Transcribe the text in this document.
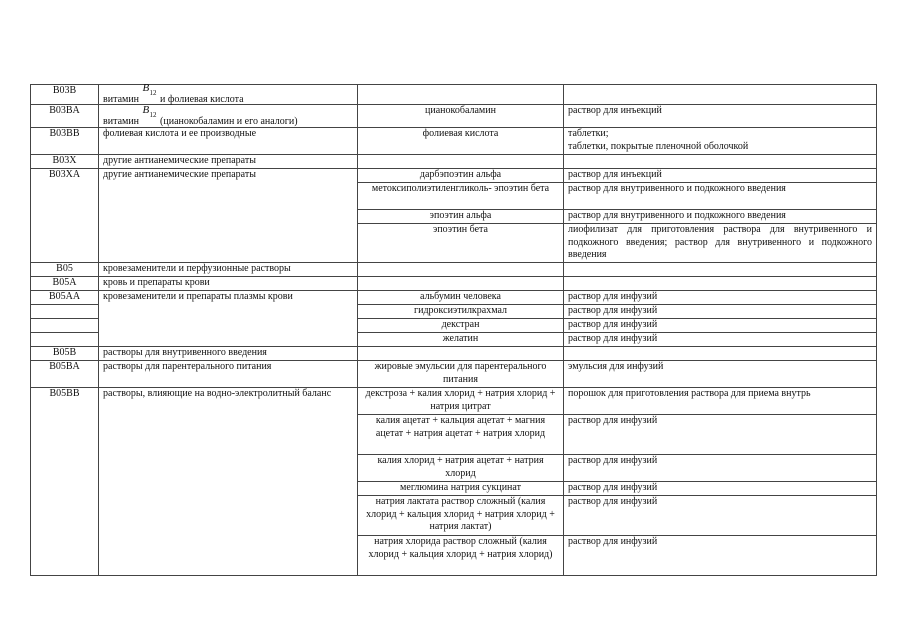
B03B	витамин
B 12
и фолиевая кислота		
B03BA	витамин
B 12
(цианокобаламин и его аналоги)	цианокобаламин	раствор для инъекций
B03BB	фолиевая кислота и ее производные	фолиевая кислота	таблетки;
таблетки, покрытые пленочной оболочкой

B03X	другие антианемические препараты		
B03XA	другие антианемические препараты	дарбэпоэтин альфа	раствор для инъекций
		метоксиполиэтиленгликоль- эпоэтин бета	раствор для внутривенного и подкожного введения
		эпоэтин альфа	раствор для внутривенного и подкожного введения
		эпоэтин бета	лиофилизат для приготовления раствора для внутривенного и подкожного введения; раствор для внутривенного и подкожного введения
B05	кровезаменители и перфузионные растворы		
B05A	кровь и препараты крови		
B05AA	кровезаменители и препараты плазмы крови	альбумин человека	раствор для инфузий
		гидроксиэтилкрахмал	раствор для инфузий
		декстран	раствор для инфузий
		желатин	раствор для инфузий
B05B	растворы для внутривенного введения		
B05BA	растворы для парентерального питания	жировые эмульсии для парентерального питания	эмульсия для инфузий
B05BB	растворы, влияющие на водно-электролитный баланс	декстроза + калия хлорид + натрия хлорид + натрия цитрат	порошок для приготовления раствора для приема внутрь
		калия ацетат + кальция ацетат + магния ацетат + натрия ацетат + натрия хлорид	раствор для инфузий
		калия хлорид + натрия ацетат + натрия хлорид	раствор для инфузий
		меглюмина натрия сукцинат	раствор для инфузий
		натрия лактата раствор сложный (калия хлорид + кальция хлорид + натрия хлорид + натрия лактат)	раствор для инфузий
		натрия хлорида раствор сложный (калия хлорид + кальция хлорид + натрия хлорид)	раствор для инфузий
